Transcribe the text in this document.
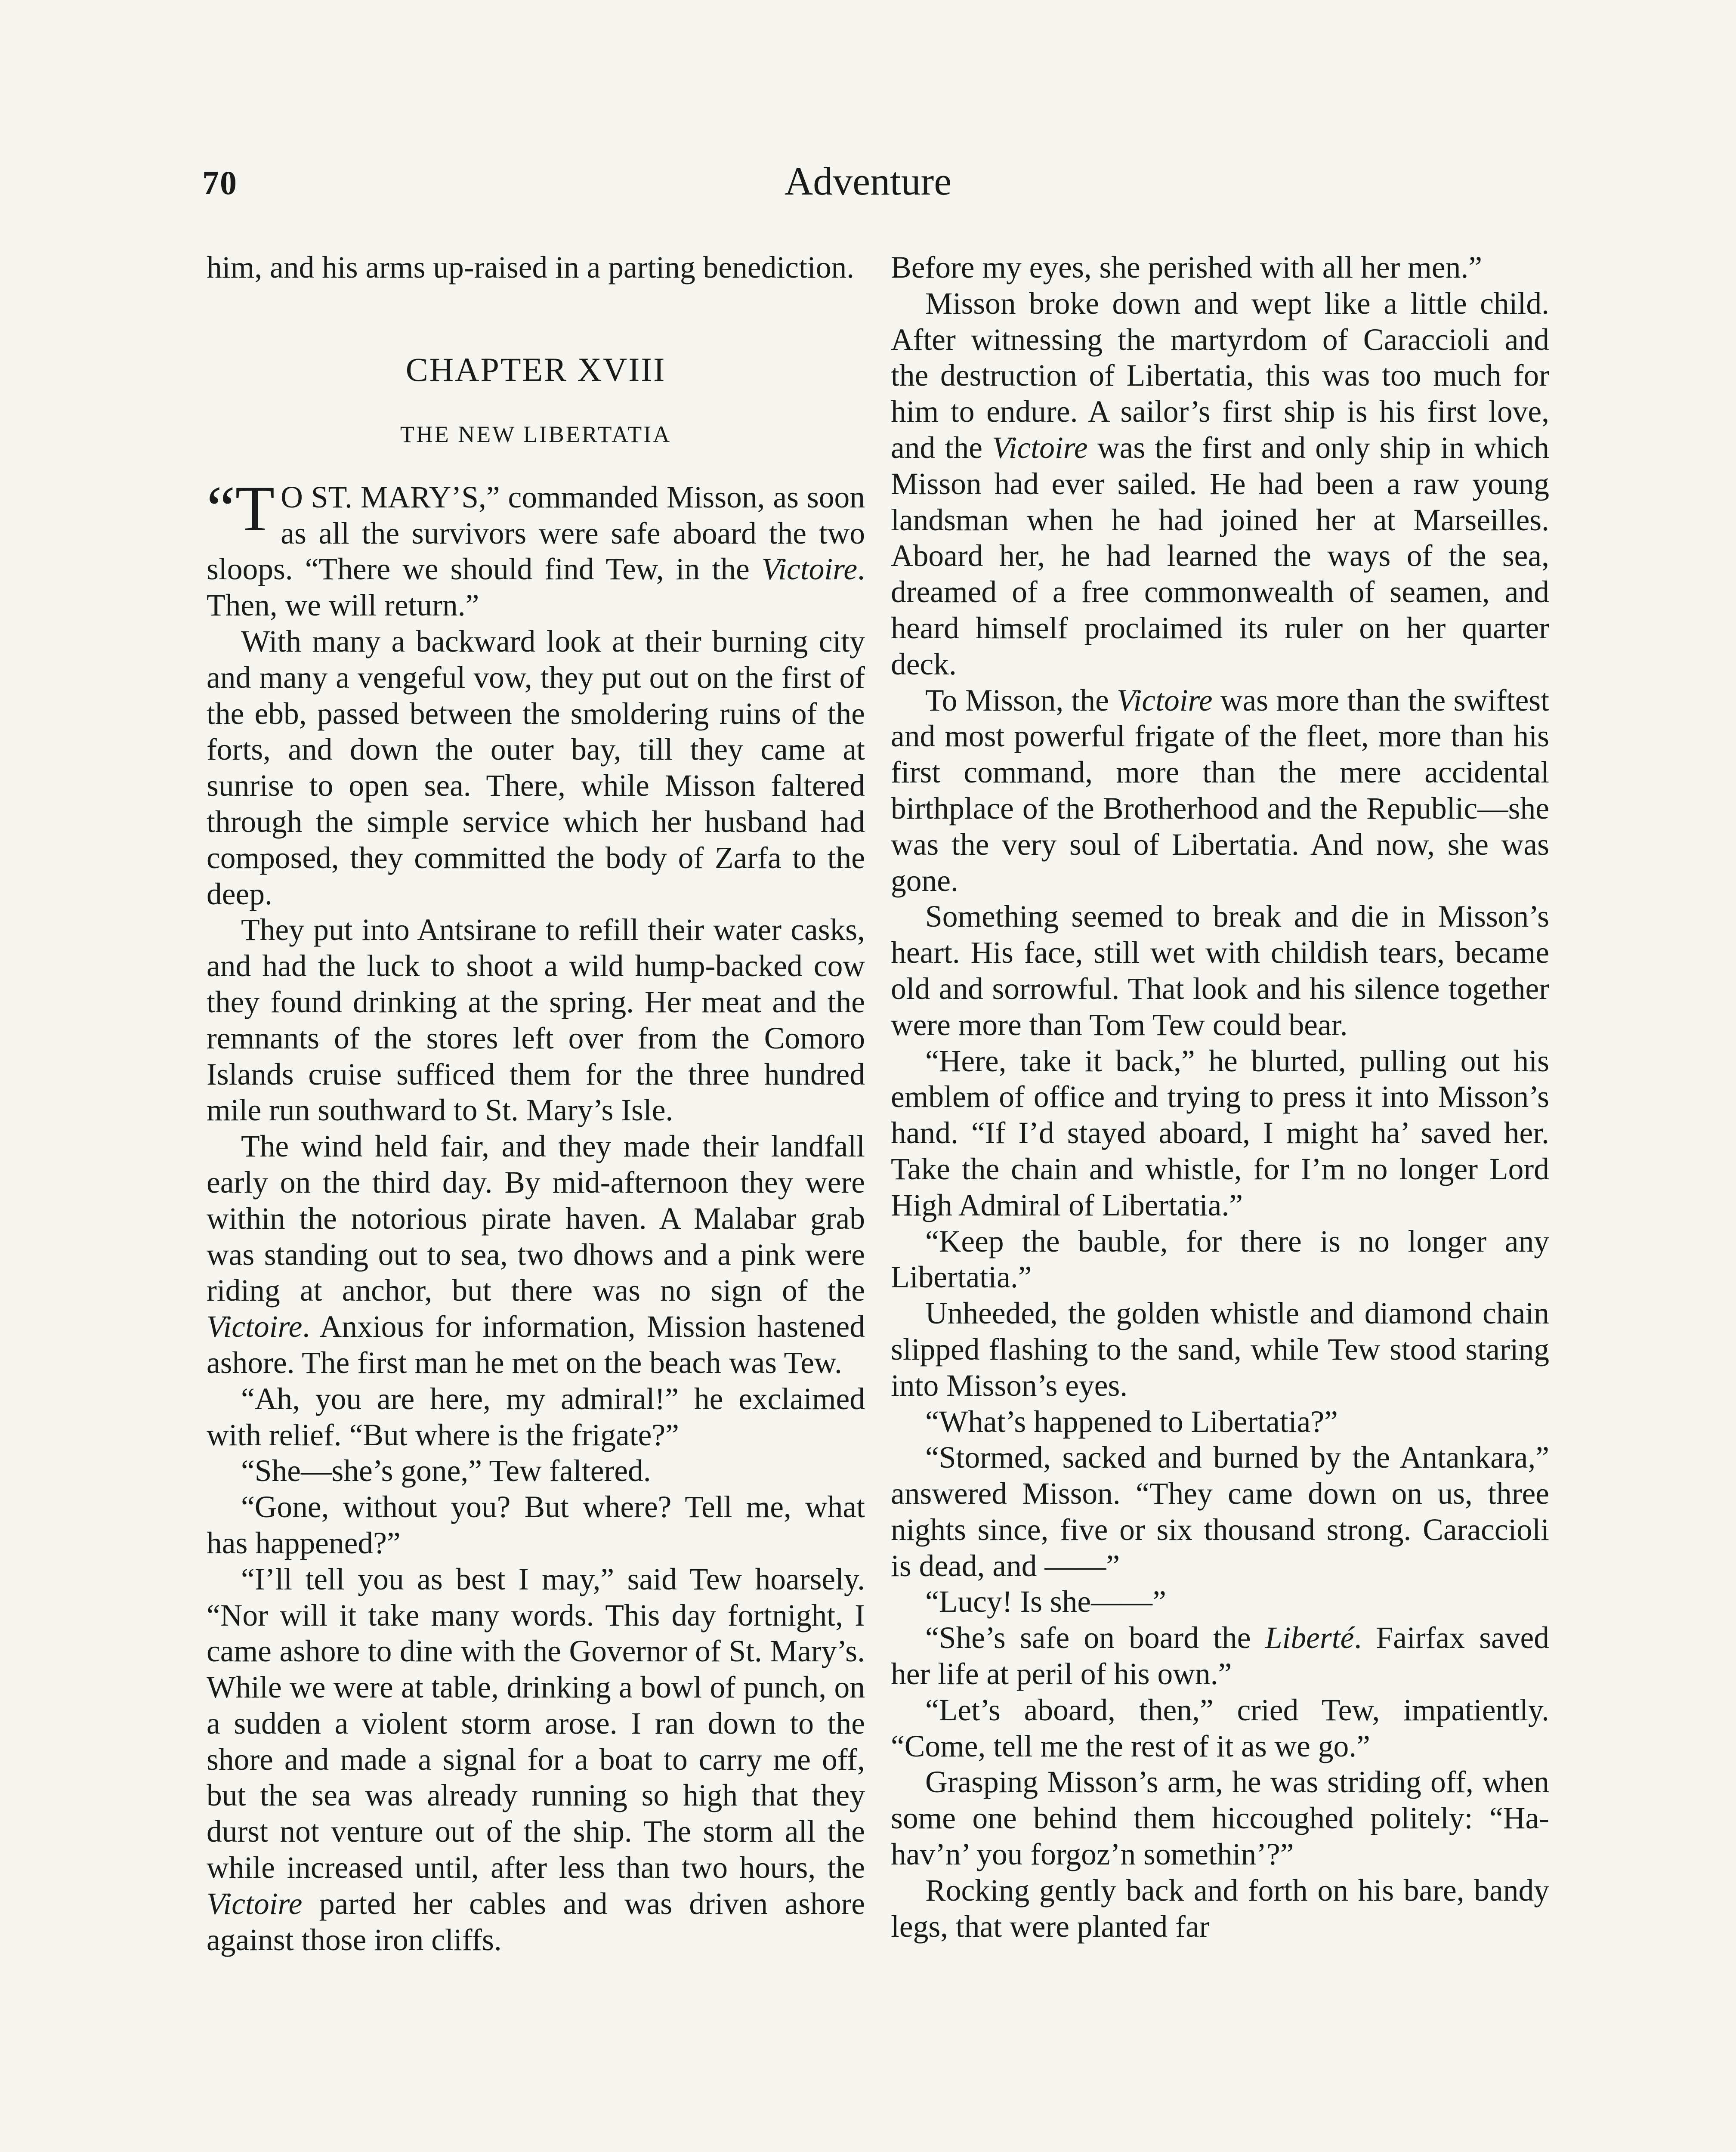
70	Adventure

him, and his arms up-raised in a parting benediction.

CHAPTER XVIII
THE NEW LIBERTATIA

“T O ST. MARY’S,” commanded Misson, as soon as all the survivors were safe aboard the two sloops. “There we should find Tew, in the Victoire. Then, we will return.”

With many a backward look at their burning city and many a vengeful vow, they put out on the first of the ebb, passed between the smoldering ruins of the forts, and down the outer bay, till they came at sunrise to open sea. There, while Misson faltered through the simple service which her husband had composed, they committed the body of Zarfa to the deep.

They put into Antsirane to refill their water casks, and had the luck to shoot a wild hump-backed cow they found drinking at the spring. Her meat and the remnants of the stores left over from the Comoro Islands cruise sufficed them for the three hundred mile run southward to St. Mary’s Isle.

The wind held fair, and they made their landfall early on the third day. By mid-afternoon they were within the notorious pirate haven. A Malabar grab was standing out to sea, two dhows and a pink were riding at anchor, but there was no sign of the Victoire. Anxious for information, Mission hastened ashore. The first man he met on the beach was Tew.

“Ah, you are here, my admiral!” he exclaimed with relief. “But where is the frigate?”

“She—she’s gone,” Tew faltered.

“Gone, without you? But where? Tell me, what has happened?”

“I’ll tell you as best I may,” said Tew hoarsely. “Nor will it take many words. This day fortnight, I came ashore to dine with the Governor of St. Mary’s. While we were at table, drinking a bowl of punch, on a sudden a violent storm arose. I ran down to the shore and made a signal for a boat to carry me off, but the sea was already running so high that they durst not venture out of the ship. The storm all the while increased until, after less than two hours, the Victoire parted her cables and was driven ashore against those iron cliffs.

Before my eyes, she perished with all her men.”

Misson broke down and wept like a little child. After witnessing the martyrdom of Caraccioli and the destruction of Libertatia, this was too much for him to endure. A sailor’s first ship is his first love, and the Victoire was the first and only ship in which Misson had ever sailed. He had been a raw young landsman when he had joined her at Marseilles. Aboard her, he had learned the ways of the sea, dreamed of a free commonwealth of seamen, and heard himself proclaimed its ruler on her quarter deck.

To Misson, the Victoire was more than the swiftest and most powerful frigate of the fleet, more than his first command, more than the mere accidental birthplace of the Brotherhood and the Republic—she was the very soul of Libertatia. And now, she was gone.

Something seemed to break and die in Misson’s heart. His face, still wet with childish tears, became old and sorrowful. That look and his silence together were more than Tom Tew could bear.

“Here, take it back,” he blurted, pulling out his emblem of office and trying to press it into Misson’s hand. “If I’d stayed aboard, I might ha’ saved her. Take the chain and whistle, for I’m no longer Lord High Admiral of Libertatia.”

“Keep the bauble, for there is no longer any Libertatia.”

Unheeded, the golden whistle and diamond chain slipped flashing to the sand, while Tew stood staring into Misson’s eyes.

“What’s happened to Libertatia?”

“Stormed, sacked and burned by the Antankara,” answered Misson. “They came down on us, three nights since, five or six thousand strong. Caraccioli is dead, and ——”

“Lucy! Is she——”

“She’s safe on board the Liberté. Fairfax saved her life at peril of his own.”

“Let’s aboard, then,” cried Tew, impatiently. “Come, tell me the rest of it as we go.”

Grasping Misson’s arm, he was striding off, when some one behind them hiccoughed politely: “Ha-hav’n’ you forgoz’n somethin’?”

Rocking gently back and forth on his bare, bandy legs, that were planted far
